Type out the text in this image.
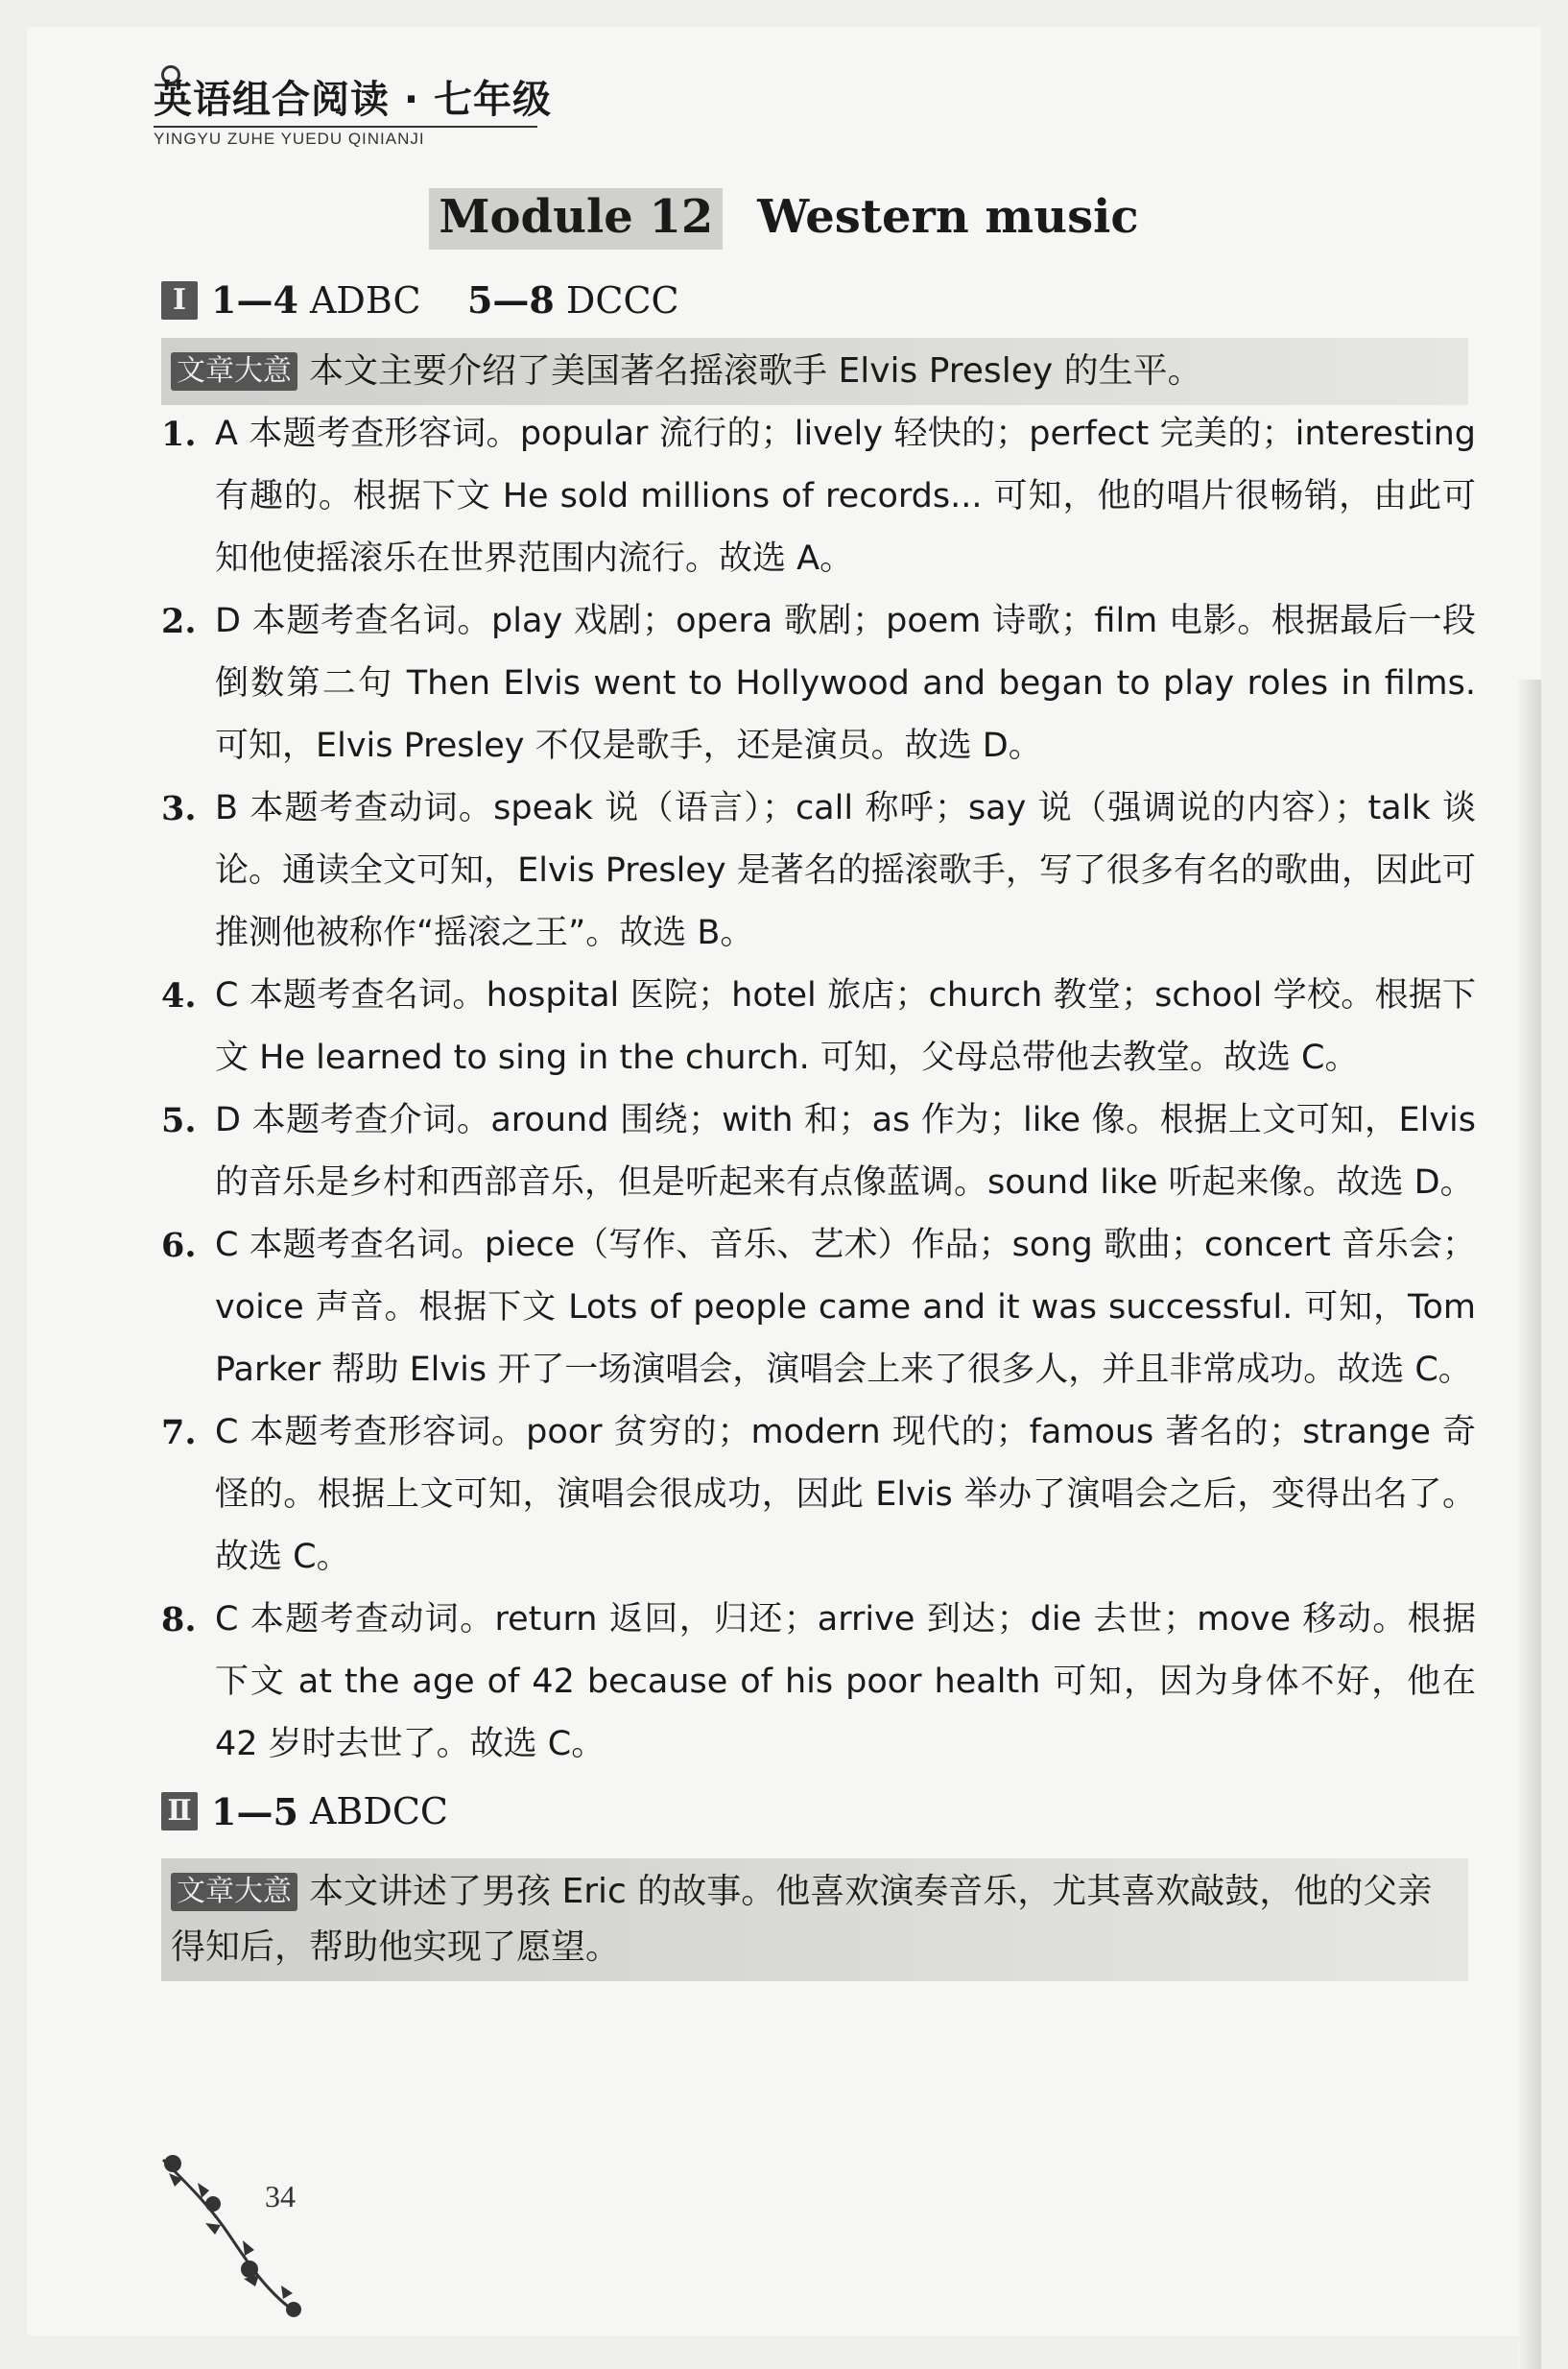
英语组合阅读 · 七年级
YINGYU ZUHE YUEDU QINIANJI
Module 12 Western music
Ⅰ 1—4
ADBC
5—8
DCCC
文章大意 本文主要介绍了美国著名摇滚歌手 Elvis Presley 的生平。
1. A 本题考查形容词。popular 流行的；lively 轻快的；perfect 完美的；interesting 有趣的。根据下文 He sold millions of records... 可知，他的唱片很畅销，由此可知他使摇滚乐在世界范围内流行。故选 A。
2. D 本题考查名词。play 戏剧；opera 歌剧；poem 诗歌；film 电影。根据最后一段倒数第二句 Then Elvis went to Hollywood and began to play roles in films. 可知，Elvis Presley 不仅是歌手，还是演员。故选 D。
3. B 本题考查动词。speak 说（语言）；call 称呼；say 说（强调说的内容）；talk 谈论。通读全文可知，Elvis Presley 是著名的摇滚歌手，写了很多有名的歌曲，因此可推测他被称作“摇滚之王”。故选 B。
4. C 本题考查名词。hospital 医院；hotel 旅店；church 教堂；school 学校。根据下文 He learned to sing in the church. 可知，父母总带他去教堂。故选 C。
5. D 本题考查介词。around 围绕；with 和；as 作为；like 像。根据上文可知，Elvis 的音乐是乡村和西部音乐，但是听起来有点像蓝调。sound like 听起来像。故选 D。
6. C 本题考查名词。piece（写作、音乐、艺术）作品；song 歌曲；concert 音乐会；voice 声音。根据下文 Lots of people came and it was successful. 可知，Tom Parker 帮助 Elvis 开了一场演唱会，演唱会上来了很多人，并且非常成功。故选 C。
7. C 本题考查形容词。poor 贫穷的；modern 现代的；famous 著名的；strange 奇怪的。根据上文可知，演唱会很成功，因此 Elvis 举办了演唱会之后，变得出名了。故选 C。
8. C 本题考查动词。return 返回，归还；arrive 到达；die 去世；move 移动。根据下文 at the age of 42 because of his poor health 可知，因为身体不好，他在 42 岁时去世了。故选 C。
Ⅱ 1—5
ABDCC
文章大意 本文讲述了男孩 Eric 的故事。他喜欢演奏音乐，尤其喜欢敲鼓，他的父亲得知后，帮助他实现了愿望。
34
